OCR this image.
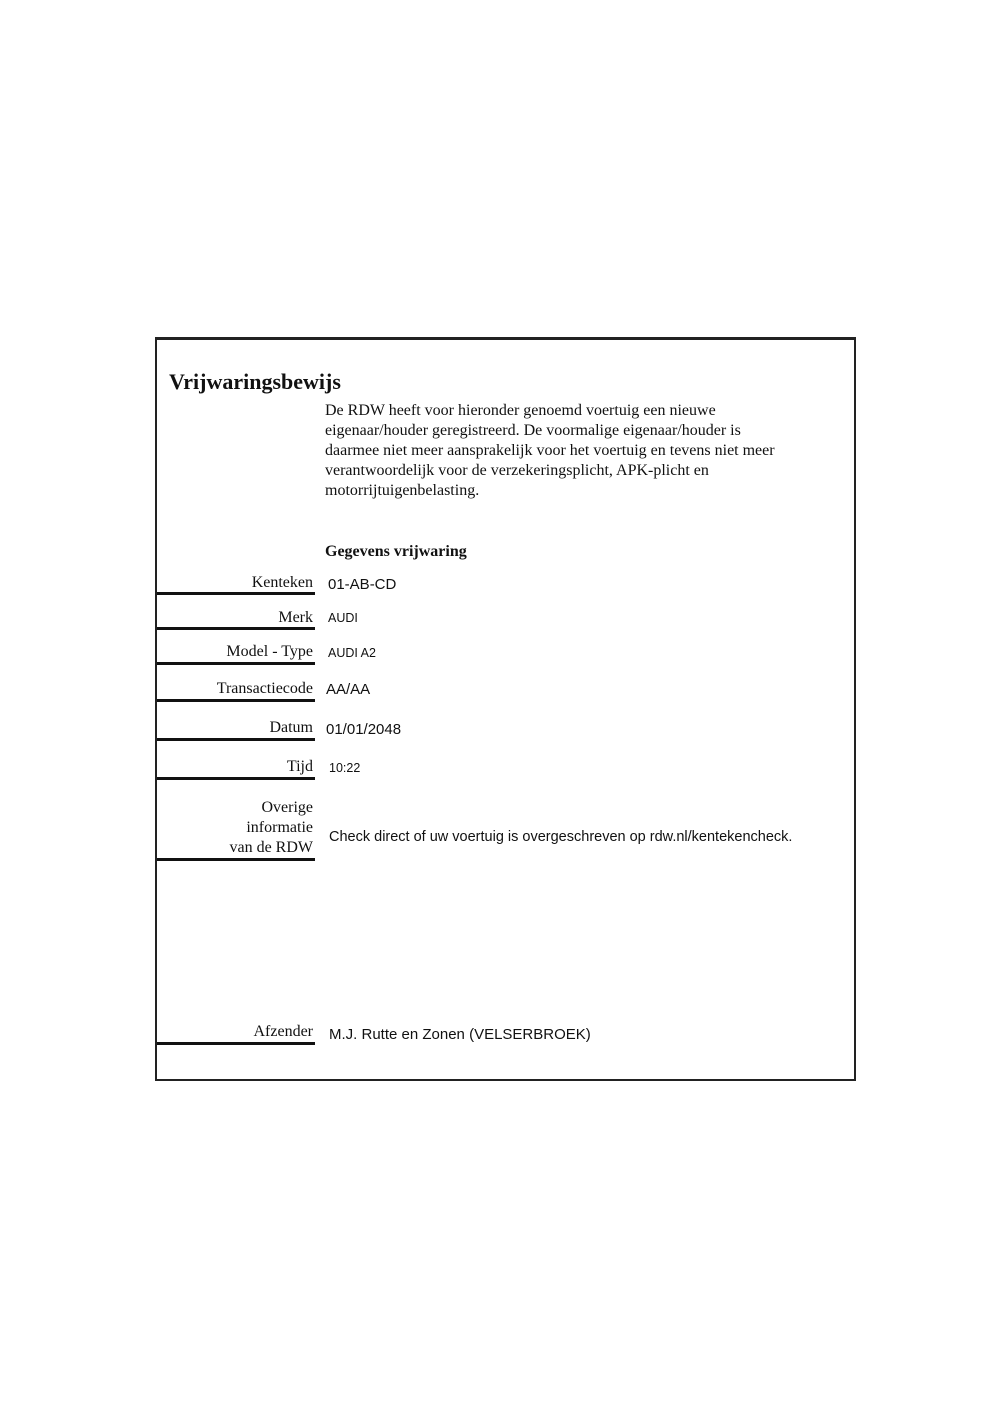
Vrijwaringsbewijs
De RDW heeft voor hieronder genoemd voertuig een nieuwe eigenaar/houder geregistreerd. De voormalige eigenaar/houder is daarmee niet meer aansprakelijk voor het voertuig en tevens niet meer verantwoordelijk voor de verzekeringsplicht, APK-plicht en motorrijtuigenbelasting.
Gegevens vrijwaring
Kenteken 01-AB-CD
Merk AUDI
Model - Type AUDI A2
Transactiecode AA/AA
Datum 01/01/2048
Tijd 10:22
Overige
informatie
van de RDW
Check direct of uw voertuig is overgeschreven op rdw.nl/kentekencheck.
Afzender M.J. Rutte en Zonen (VELSERBROEK)
